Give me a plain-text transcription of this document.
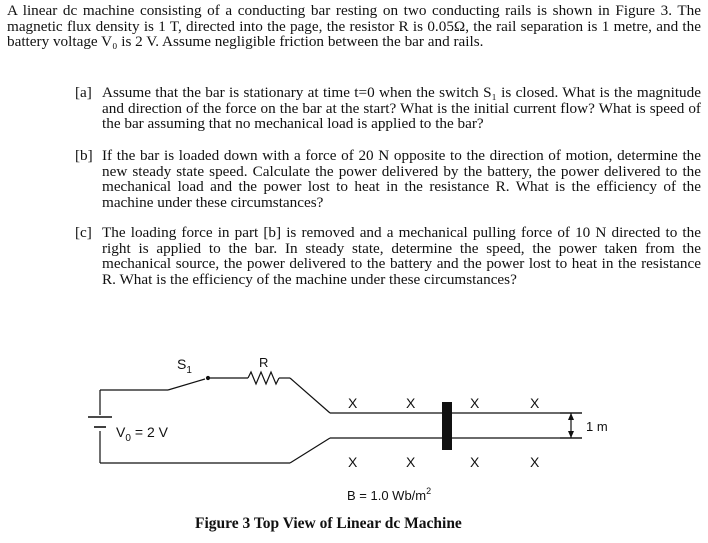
A linear dc machine consisting of a conducting bar resting on two conducting rails is shown in Figure 3. The magnetic flux density is 1 T, directed into the page, the resistor R is 0.05Ω, the rail separation is 1 metre, and the battery voltage V₀ is 2 V. Assume negligible friction between the bar and rails.
[a] Assume that the bar is stationary at time t=0 when the switch S₁ is closed. What is the magnitude and direction of the force on the bar at the start? What is the initial current flow? What is speed of the bar assuming that no mechanical load is applied to the bar?
[b] If the bar is loaded down with a force of 20 N opposite to the direction of motion, determine the new steady state speed. Calculate the power delivered by the battery, the power delivered to the mechanical load and the power lost to heat in the resistance R. What is the efficiency of the machine under these circumstances?
[c] The loading force in part [b] is removed and a mechanical pulling force of 10 N directed to the right is applied to the bar. In steady state, determine the speed, the power taken from the mechanical source, the power delivered to the battery and the power lost to heat in the resistance R. What is the efficiency of the machine under these circumstances?
$S_1$
R
$V_0 = 2$ V	1 m
X	X	X	X
X	X	X	X
B = 1.0 $Wb/m^2$
Figure 3 Top View of Linear dc Machine
